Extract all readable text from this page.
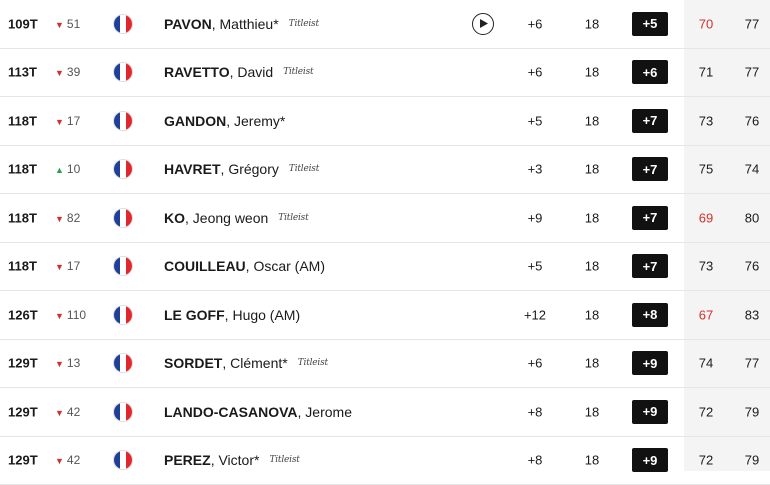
109T ▼ 51	PAVON, Matthieu* Titleist	+6	18	+5	70	77
113T ▼ 39	RAVETTO, David Titleist	+6	18	+6	71	77
118T ▼ 17	GANDON, Jeremy*	+5	18	+7	73	76
118T ▲ 10	HAVRET, Grégory Titleist	+3	18	+7	75	74
118T ▼ 82	KO, Jeong weon Titleist	+9	18	+7	69	80
118T ▼ 17	COUILLEAU, Oscar (AM)	+5	18	+7	73	76
126T ▼ 110	LE GOFF, Hugo (AM)	+12	18	+8	67	83
129T ▼ 13	SORDET, Clément* Titleist	+6	18	+9	74	77
129T ▼ 42	LANDO-CASANOVA, Jerome	+8	18	+9	72	79
129T ▼ 42	PEREZ, Victor* Titleist	+8	18	+9	72	79
